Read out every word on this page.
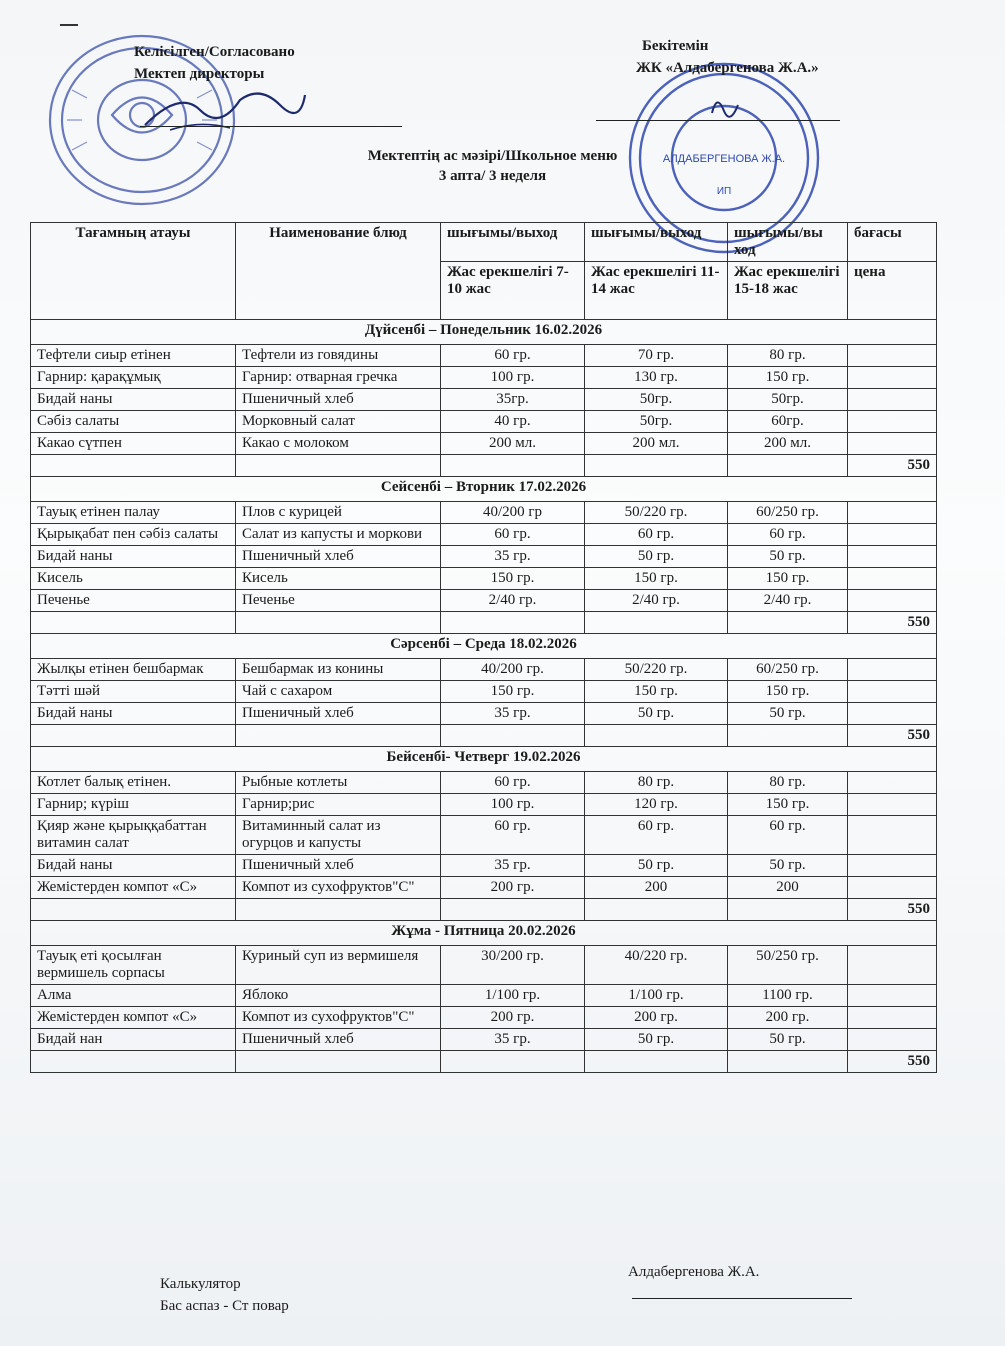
АЛДАБЕРГЕНОВА Ж.А.
ИП
Келісілген/Согласовано
Мектеп директоры
Бекітемін
ЖК «Алдабергенова Ж.А.»
Мектептің ас мәзірі/Школьное меню
3 апта/ 3 неделя
Тағамның атауы	Наименование блюд	шығымы/выход	шығымы/выход	шығымы/вы ход	бағасы
		Жас ерекшелігі 7-10 жас	Жас ерекшелігі 11-14 жас	Жас ерекшелігі 15-18 жас	цена
Дүйсенбі – Понедельник 16.02.2026					
Тефтели сиыр етінен	Тефтели из говядины	60 гр.	70 гр.	80 гр.	
Гарнир: қарақұмық	Гарнир: отварная гречка	100 гр.	130 гр.	150 гр.	
Бидай наны	Пшеничный хлеб	35гр.	50гр.	50гр.	
Сәбіз салаты	Морковный салат	40 гр.	50гр.	60гр.	
Какао сүтпен	Какао с молоком	200 мл.	200 мл.	200 мл.	
					550
Сейсенбі – Вторник 17.02.2026					
Тауық етінен палау	Плов с курицей	40/200 гр	50/220 гр.	60/250 гр.	
Қырықабат пен сәбіз салаты	Салат из капусты и моркови	60 гр.	60 гр.	60 гр.	
Бидай наны	Пшеничный хлеб	35 гр.	50 гр.	50 гр.	
Кисель	Кисель	150 гр.	150 гр.	150 гр.	
Печенье	Печенье	2/40 гр.	2/40 гр.	2/40 гр.	
					550
Сәрсенбі – Среда 18.02.2026					
Жылқы етінен бешбармак	Бешбармак из конины	40/200 гр.	50/220 гр.	60/250 гр.	
Тәтті шәй	Чай с сахаром	150 гр.	150 гр.	150 гр.	
Бидай наны	Пшеничный хлеб	35 гр.	50 гр.	50 гр.	
					550
Бейсенбі- Четверг 19.02.2026					
Котлет балық етінен.	Рыбные котлеты	60 гр.	80 гр.	80 гр.	
Гарнир; күріш	Гарнир;рис	100 гр.	120 гр.	150 гр.	
Қияр және қырыққабаттан витамин салат	Витаминный салат из огурцов и капусты	60 гр.	60 гр.	60 гр.	
Бидай наны	Пшеничный хлеб	35 гр.	50 гр.	50 гр.	
Жемістерден компот «С»	Компот из сухофруктов"С"	200 гр.	200	200	
					550
Жұма - Пятница 20.02.2026					
Тауық еті қосылған вермишель сорпасы	Куриный суп из вермишеля	30/200 гр.	40/220 гр.	50/250 гр.	
Алма	Яблоко	1/100 гр.	1/100 гр.	1100 гр.	
Жемістерден компот «С»	Компот из сухофруктов"С"	200 гр.	200 гр.	200 гр.	
Бидай нан	Пшеничный хлеб	35 гр.	50 гр.	50 гр.	
					550
Калькулятор
Бас аспаз - Ст повар
Алдабергенова Ж.А.
